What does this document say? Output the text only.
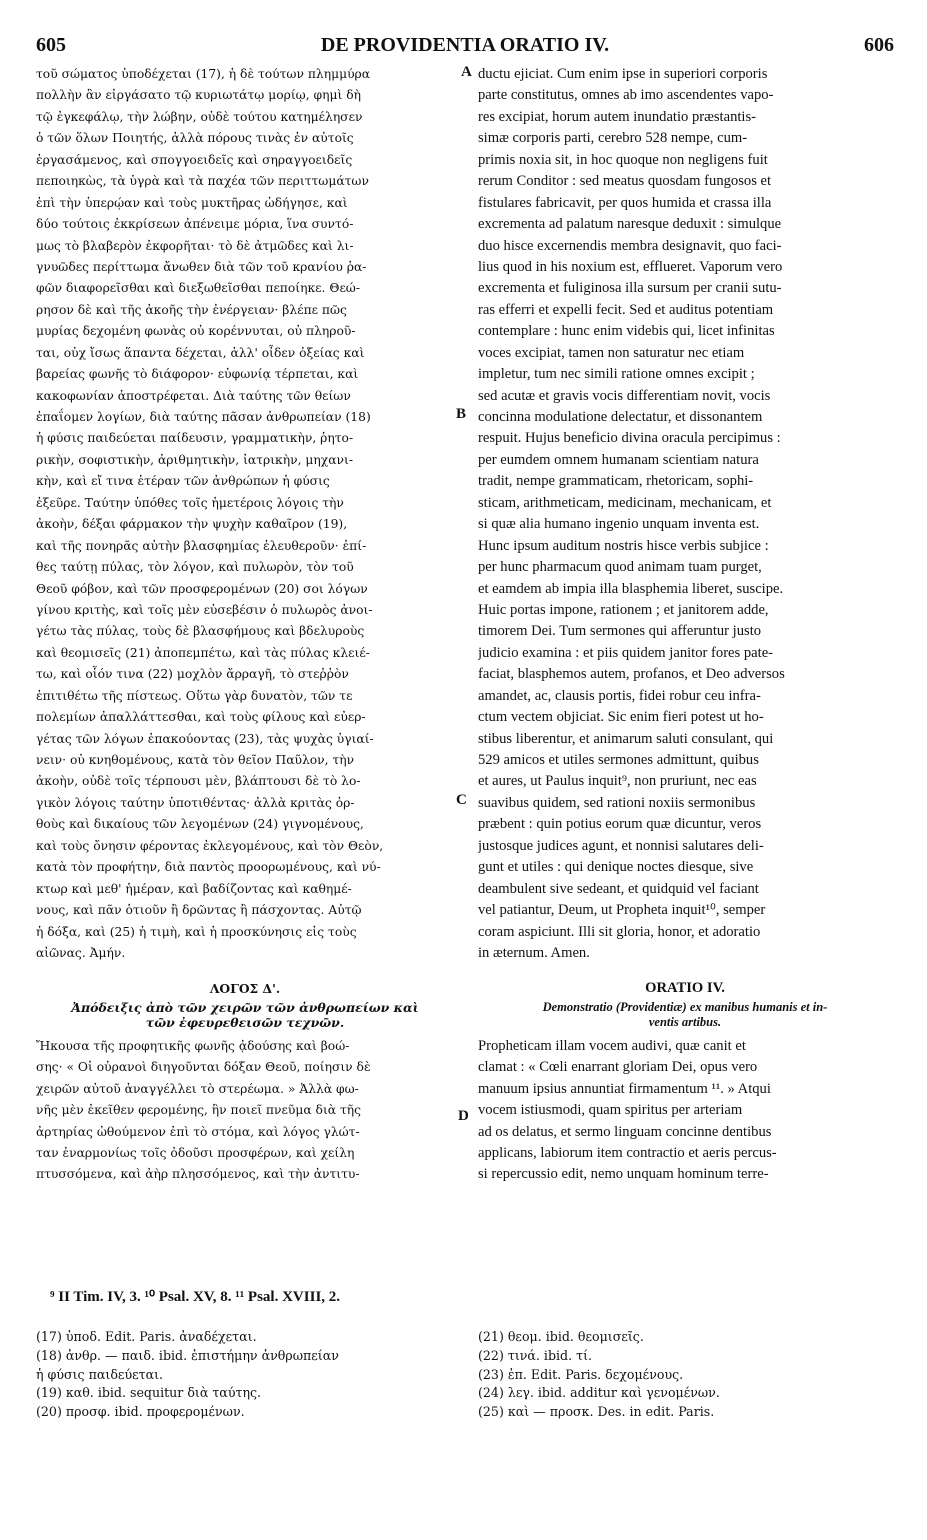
605	DE PROVIDENTIA ORATIO IV.	606
A
B
C
D
τοῦ σώματος ὑποδέχεται (17), ἡ δὲ τούτων πλημμύρα
πολλὴν ἂν εἰργάσατο τῷ κυριωτάτῳ μορίῳ, φημὶ δὴ
τῷ ἐγκεφάλῳ, τὴν λώβην, οὐδὲ τούτου κατημέλησεν
ὁ τῶν ὅλων Ποιητής, ἀλλὰ πόρους τινὰς ἐν αὐτοῖς
ἐργασάμενος, καὶ σπογγοειδεῖς καὶ σηραγγοειδεῖς
πεποιηκὼς, τὰ ὑγρὰ καὶ τὰ παχέα τῶν περιττωμάτων
ἐπὶ τὴν ὑπερῴαν καὶ τοὺς μυκτῆρας ὡδήγησε, καὶ
δύο τούτοις ἐκκρίσεων ἀπένειμε μόρια, ἵνα συντό-
μως τὸ βλαβερὸν ἐκφορῆται· τὸ δὲ ἀτμῶδες καὶ λι-
γνυῶδες περίττωμα ἄνωθεν διὰ τῶν τοῦ κρανίου ῥα-
φῶν διαφορεῖσθαι καὶ διεξωθεῖσθαι πεποίηκε. Θεώ-
ρησον δὲ καὶ τῆς ἀκοῆς τὴν ἐνέργειαν· βλέπε πῶς
μυρίας δεχομένη φωνὰς οὐ κορέννυται, οὐ πληροῦ-
ται, οὐχ ἴσως ἅπαντα δέχεται, ἀλλ' οἶδεν ὀξείας καὶ
βαρείας φωνῆς τὸ διάφορον· εὐφωνίᾳ τέρπεται, καὶ
κακοφωνίαν ἀποστρέφεται. Διὰ ταύτης τῶν θείων
ἐπαΐομεν λογίων, διὰ ταύτης πᾶσαν ἀνθρωπείαν (18)
ἡ φύσις παιδεύεται παίδευσιν, γραμματικὴν, ῥητο-
ρικὴν, σοφιστικὴν, ἀριθμητικὴν, ἰατρικὴν, μηχανι-
κὴν, καὶ εἴ τινα ἑτέραν τῶν ἀνθρώπων ἡ φύσις
ἐξεῦρε. Ταύτην ὑπόθες τοῖς ἡμετέροις λόγοις τὴν
ἀκοὴν, δέξαι φάρμακον τὴν ψυχὴν καθαῖρον (19),
καὶ τῆς πονηρᾶς αὐτὴν βλασφημίας ἐλευθεροῦν· ἐπί-
θες ταύτῃ πύλας, τὸν λόγον, καὶ πυλωρὸν, τὸν τοῦ
Θεοῦ φόβον, καὶ τῶν προσφερομένων (20) σοι λόγων
γίνου κριτὴς, καὶ τοῖς μὲν εὐσεβέσιν ὁ πυλωρὸς ἀνοι-
γέτω τὰς πύλας, τοὺς δὲ βλασφήμους καὶ βδελυροὺς
καὶ θεομισεῖς (21) ἀποπεμπέτω, καὶ τὰς πύλας κλειέ-
τω, καὶ οἷόν τινα (22) μοχλὸν ἄρραγῆ, τὸ στεῤῥὸν
ἐπιτιθέτω τῆς πίστεως. Οὕτω γὰρ δυνατὸν, τῶν τε
πολεμίων ἀπαλλάττεσθαι, καὶ τοὺς φίλους καὶ εὐερ-
γέτας τῶν λόγων ἐπακούοντας (23), τὰς ψυχὰς ὑγιαί-
νειν· οὐ κνηθομένους, κατὰ τὸν θεῖον Παῦλον, τὴν
ἀκοὴν, οὐδὲ τοῖς τέρπουσι μὲν, βλάπτουσι δὲ τὸ λο-
γικὸν λόγοις ταύτην ὑποτιθέντας· ἀλλὰ κριτὰς ὀρ-
θοὺς καὶ δικαίους τῶν λεγομένων (24) γιγνομένους,
καὶ τοὺς ὄνησιν φέροντας ἐκλεγομένους, καὶ τὸν Θεὸν,
κατὰ τὸν προφήτην, διὰ παντὸς προορωμένους, καὶ νύ-
κτωρ καὶ μεθ' ἡμέραν, καὶ βαδίζοντας καὶ καθημέ-
νους, καὶ πᾶν ὁτιοῦν ἢ δρῶντας ἢ πάσχοντας. Αὐτῷ
ἡ δόξα, καὶ (25) ἡ τιμὴ, καὶ ἡ προσκύνησις εἰς τοὺς
αἰῶνας. Ἀμήν.
ΛΟΓΟΣ Δ'.
Ἀπόδειξις ἀπὸ τῶν χειρῶν τῶν ἀνθρωπείων καὶ
τῶν ἐφευρεθεισῶν τεχνῶν.
Ἤκουσα τῆς προφητικῆς φωνῆς ᾀδούσης καὶ βοώ-
σης· « Οἱ οὐρανοὶ διηγοῦνται δόξαν Θεοῦ, ποίησιν δὲ
χειρῶν αὐτοῦ ἀναγγέλλει τὸ στερέωμα. » Ἀλλὰ φω-
νῆς μὲν ἐκεῖθεν φερομένης, ἣν ποιεῖ πνεῦμα διὰ τῆς
ἀρτηρίας ὠθούμενον ἐπὶ τὸ στόμα, καὶ λόγος γλώτ-
ταν ἐναρμονίως τοῖς ὀδοῦσι προσφέρων, καὶ χείλη
πτυσσόμενα, καὶ ἀὴρ πλησσόμενος, καὶ τὴν ἀντιτυ-
ductu ejiciat. Cum enim ipse in superiori corporis
parte constitutus, omnes ab imo ascendentes vapo-
res excipiat, horum autem inundatio præstantis-
simæ corporis parti, cerebro 528 nempe, cum-
primis noxia sit, in hoc quoque non negligens fuit
rerum Conditor : sed meatus quosdam fungosos et
fistulares fabricavit, per quos humida et crassa illa
excrementa ad palatum naresque deduxit : simulque
duo hisce excernendis membra designavit, quo faci-
lius quod in his noxium est, efflueret. Vaporum vero
excrementa et fuliginosa illa sursum per cranii sutu-
ras efferri et expelli fecit. Sed et auditus potentiam
contemplare : hunc enim videbis qui, licet infinitas
voces excipiat, tamen non saturatur nec etiam
impletur, tum nec simili ratione omnes excipit ;
sed acutæ et gravis vocis differentiam novit, vocis
concinna modulatione delectatur, et dissonantem
respuit. Hujus beneficio divina oracula percipimus :
per eumdem omnem humanam scientiam natura
tradit, nempe grammaticam, rhetoricam, sophi-
sticam, arithmeticam, medicinam, mechanicam, et
si quæ alia humano ingenio unquam inventa est.
Hunc ipsum auditum nostris hisce verbis subjice :
per hunc pharmacum quod animam tuam purget,
et eamdem ab impia illa blasphemia liberet, suscipe.
Huic portas impone, rationem ; et janitorem adde,
timorem Dei. Tum sermones qui afferuntur justo
judicio examina : et piis quidem janitor fores pate-
faciat, blasphemos autem, profanos, et Deo adversos
amandet, ac, clausis portis, fidei robur ceu infra-
ctum vectem objiciat. Sic enim fieri potest ut ho-
stibus liberentur, et animarum saluti consulant, qui
529 amicos et utiles sermones admittunt, quibus
et aures, ut Paulus inquit⁹, non pruriunt, nec eas
suavibus quidem, sed rationi noxiis sermonibus
præbent : quin potius eorum quæ dicuntur, veros
justosque judices agunt, et nonnisi salutares deli-
gunt et utiles : qui denique noctes diesque, sive
deambulent sive sedeant, et quidquid vel faciant
vel patiantur, Deum, ut Propheta inquit¹⁰, semper
coram aspiciunt. Illi sit gloria, honor, et adoratio
in æternum. Amen.
ORATIO IV.
Demonstratio (Providentiæ) ex manibus humanis et in-
ventis artibus.
Propheticam illam vocem audivi, quæ canit et
clamat : « Cœli enarrant gloriam Dei, opus vero
manuum ipsius annuntiat firmamentum ¹¹. » Atqui
vocem istiusmodi, quam spiritus per arteriam
ad os delatus, et sermo linguam concinne dentibus
applicans, labiorum item contractio et aeris percus-
si repercussio edit, nemo unquam hominum terre-
⁹ II Tim. IV, 3. ¹⁰ Psal. XV, 8. ¹¹ Psal. XVIII, 2.
(17) ὑποδ. Edit. Paris. ἀναδέχεται.
(18) ἀνθρ. — παιδ. ibid. ἐπιστήμην ἀνθρωπείαν
ἡ φύσις παιδεύεται.
(19) καθ. ibid. sequitur διὰ ταύτης.
(20) προσφ. ibid. προφερομένων.
(21) θεομ. ibid. θεομισεῖς.
(22) τινά. ibid. τί.
(23) ἐπ. Edit. Paris. δεχομένους.
(24) λεγ. ibid. additur καὶ γενομένων.
(25) καὶ — προσκ. Des. in edit. Paris.
